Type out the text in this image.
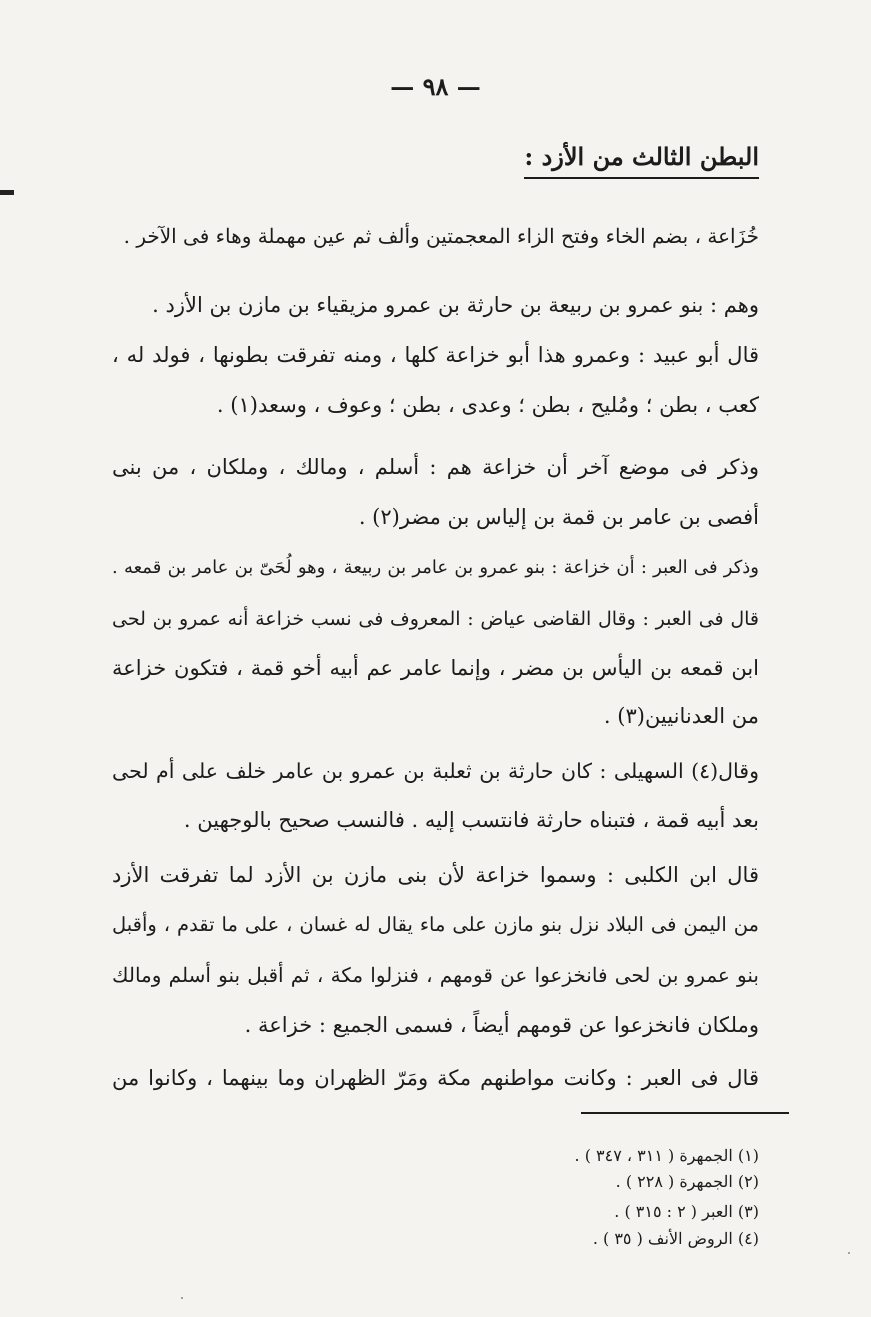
— ٩٨ —
البطن الثالث من الأزد :
خُزَاعة ، بضم الخاء وفتح الزاء المعجمتين وألف ثم عين مهملة وهاء فى الآخر .
وهم : بنو عمرو بن ربيعة بن حارثة بن عمرو مزيقياء بن مازن بن الأزد .
قال أبو عبيد : وعمرو هذا أبو خزاعة كلها ، ومنه تفرقت بطونها ، فولد له ،
كعب ، بطن ؛ ومُليح ، بطن ؛ وعدى ، بطن ؛ وعوف ، وسعد(١) .
وذكر فى موضع آخر أن خزاعة هم : أسلم ، ومالك ، وملكان ، من بنى
أفصى بن عامر بن قمة بن إلياس بن مضر(٢) .
وذكر فى العبر : أن خزاعة : بنو عمرو بن عامر بن ربيعة ، وهو لُحَىّ بن عامر بن قمعه .
قال فى العبر : وقال القاضى عياض : المعروف فى نسب خزاعة أنه عمرو بن لحى
ابن قمعه بن اليأس بن مضر ، وإنما عامر عم أبيه أخو قمة ، فتكون خزاعة
من العدنانيين(٣) .
وقال(٤) السهيلى : كان حارثة بن ثعلبة بن عمرو بن عامر خلف على أم لحى
بعد أبيه قمة ، فتبناه حارثة فانتسب إليه . فالنسب صحيح بالوجهين .
قال ابن الكلبى : وسموا خزاعة لأن بنى مازن بن الأزد لما تفرقت الأزد
من اليمن فى البلاد نزل بنو مازن على ماء يقال له غسان ، على ما تقدم ، وأقبل
بنو عمرو بن لحى فانخزعوا عن قومهم ، فنزلوا مكة ، ثم أقبل بنو أسلم ومالك
وملكان فانخزعوا عن قومهم أيضاً ، فسمى الجميع : خزاعة .
قال فى العبر : وكانت مواطنهم مكة ومَرّ الظهران وما بينهما ، وكانوا من
(١) الجمهرة ( ٣١١ ، ٣٤٧ ) .
(٢) الجمهرة ( ٢٢٨ ) .
(٣) العبر ( ٢ : ٣١٥ ) .
(٤) الروض الأنف ( ٣٥ ) .
